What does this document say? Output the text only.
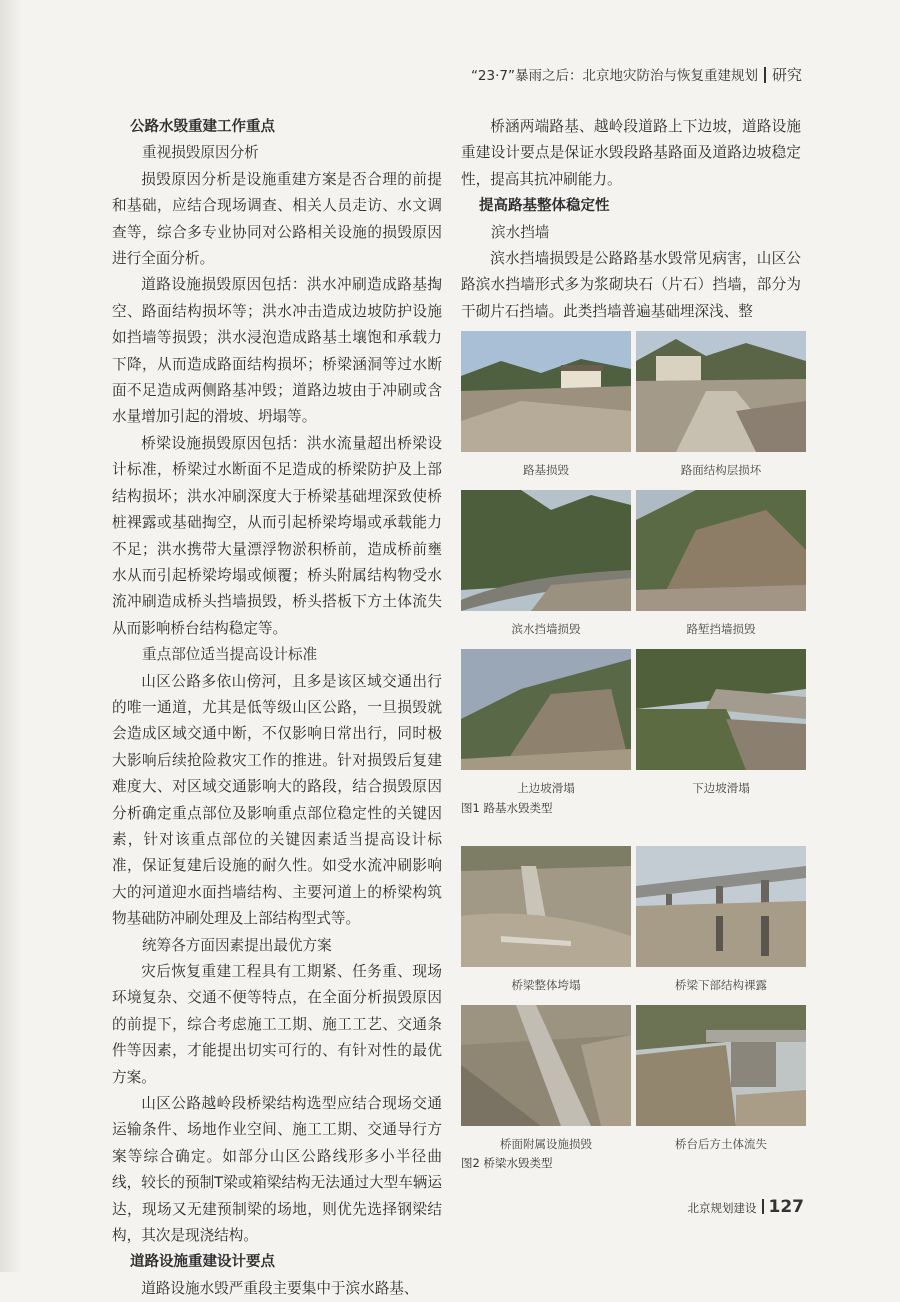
“23·7”暴雨之后：北京地灾防治与恢复重建规划 研究
公路水毁重建工作重点
重视损毁原因分析
损毁原因分析是设施重建方案是否合理的前提和基础，应结合现场调查、相关人员走访、水文调查等，综合多专业协同对公路相关设施的损毁原因进行全面分析。
道路设施损毁原因包括：洪水冲刷造成路基掏空、路面结构损坏等；洪水冲击造成边坡防护设施如挡墙等损毁；洪水浸泡造成路基土壤饱和承载力下降，从而造成路面结构损坏；桥梁涵洞等过水断面不足造成两侧路基冲毁；道路边坡由于冲刷或含水量增加引起的滑坡、坍塌等。
桥梁设施损毁原因包括：洪水流量超出桥梁设计标准，桥梁过水断面不足造成的桥梁防护及上部结构损坏；洪水冲刷深度大于桥梁基础埋深致使桥桩裸露或基础掏空，从而引起桥梁垮塌或承载能力不足；洪水携带大量漂浮物淤积桥前，造成桥前壅水从而引起桥梁垮塌或倾覆；桥头附属结构物受水流冲刷造成桥头挡墙损毁，桥头搭板下方土体流失从而影响桥台结构稳定等。
重点部位适当提高设计标准
山区公路多依山傍河，且多是该区域交通出行的唯一通道，尤其是低等级山区公路，一旦损毁就会造成区域交通中断，不仅影响日常出行，同时极大影响后续抢险救灾工作的推进。针对损毁后复建难度大、对区域交通影响大的路段，结合损毁原因分析确定重点部位及影响重点部位稳定性的关键因素，针对该重点部位的关键因素适当提高设计标准，保证复建后设施的耐久性。如受水流冲刷影响大的河道迎水面挡墙结构、主要河道上的桥梁构筑物基础防冲刷处理及上部结构型式等。
统筹各方面因素提出最优方案
灾后恢复重建工程具有工期紧、任务重、现场环境复杂、交通不便等特点，在全面分析损毁原因的前提下，综合考虑施工工期、施工工艺、交通条件等因素，才能提出切实可行的、有针对性的最优方案。
山区公路越岭段桥梁结构选型应结合现场交通运输条件、场地作业空间、施工工期、交通导行方案等综合确定。如部分山区公路线形多小半径曲线，较长的预制T梁或箱梁结构无法通过大型车辆运达，现场又无建预制梁的场地，则优先选择钢梁结构，其次是现浇结构。
道路设施重建设计要点
道路设施水毁严重段主要集中于滨水路基、
桥涵两端路基、越岭段道路上下边坡，道路设施重建设计要点是保证水毁段路基路面及道路边坡稳定性，提高其抗冲刷能力。
提高路基整体稳定性
滨水挡墙
滨水挡墙损毁是公路路基水毁常见病害，山区公路滨水挡墙形式多为浆砌块石（片石）挡墙，部分为干砌片石挡墙。此类挡墙普遍基础埋深浅、整
路基损毁	路面结构层损坏
滨水挡墙损毁	路堑挡墙损毁
上边坡滑塌	下边坡滑塌
图1 路基水毁类型
桥梁整体垮塌	桥梁下部结构裸露
桥面附属设施损毁	桥台后方土体流失
图2 桥梁水毁类型
北京规划建设 127
